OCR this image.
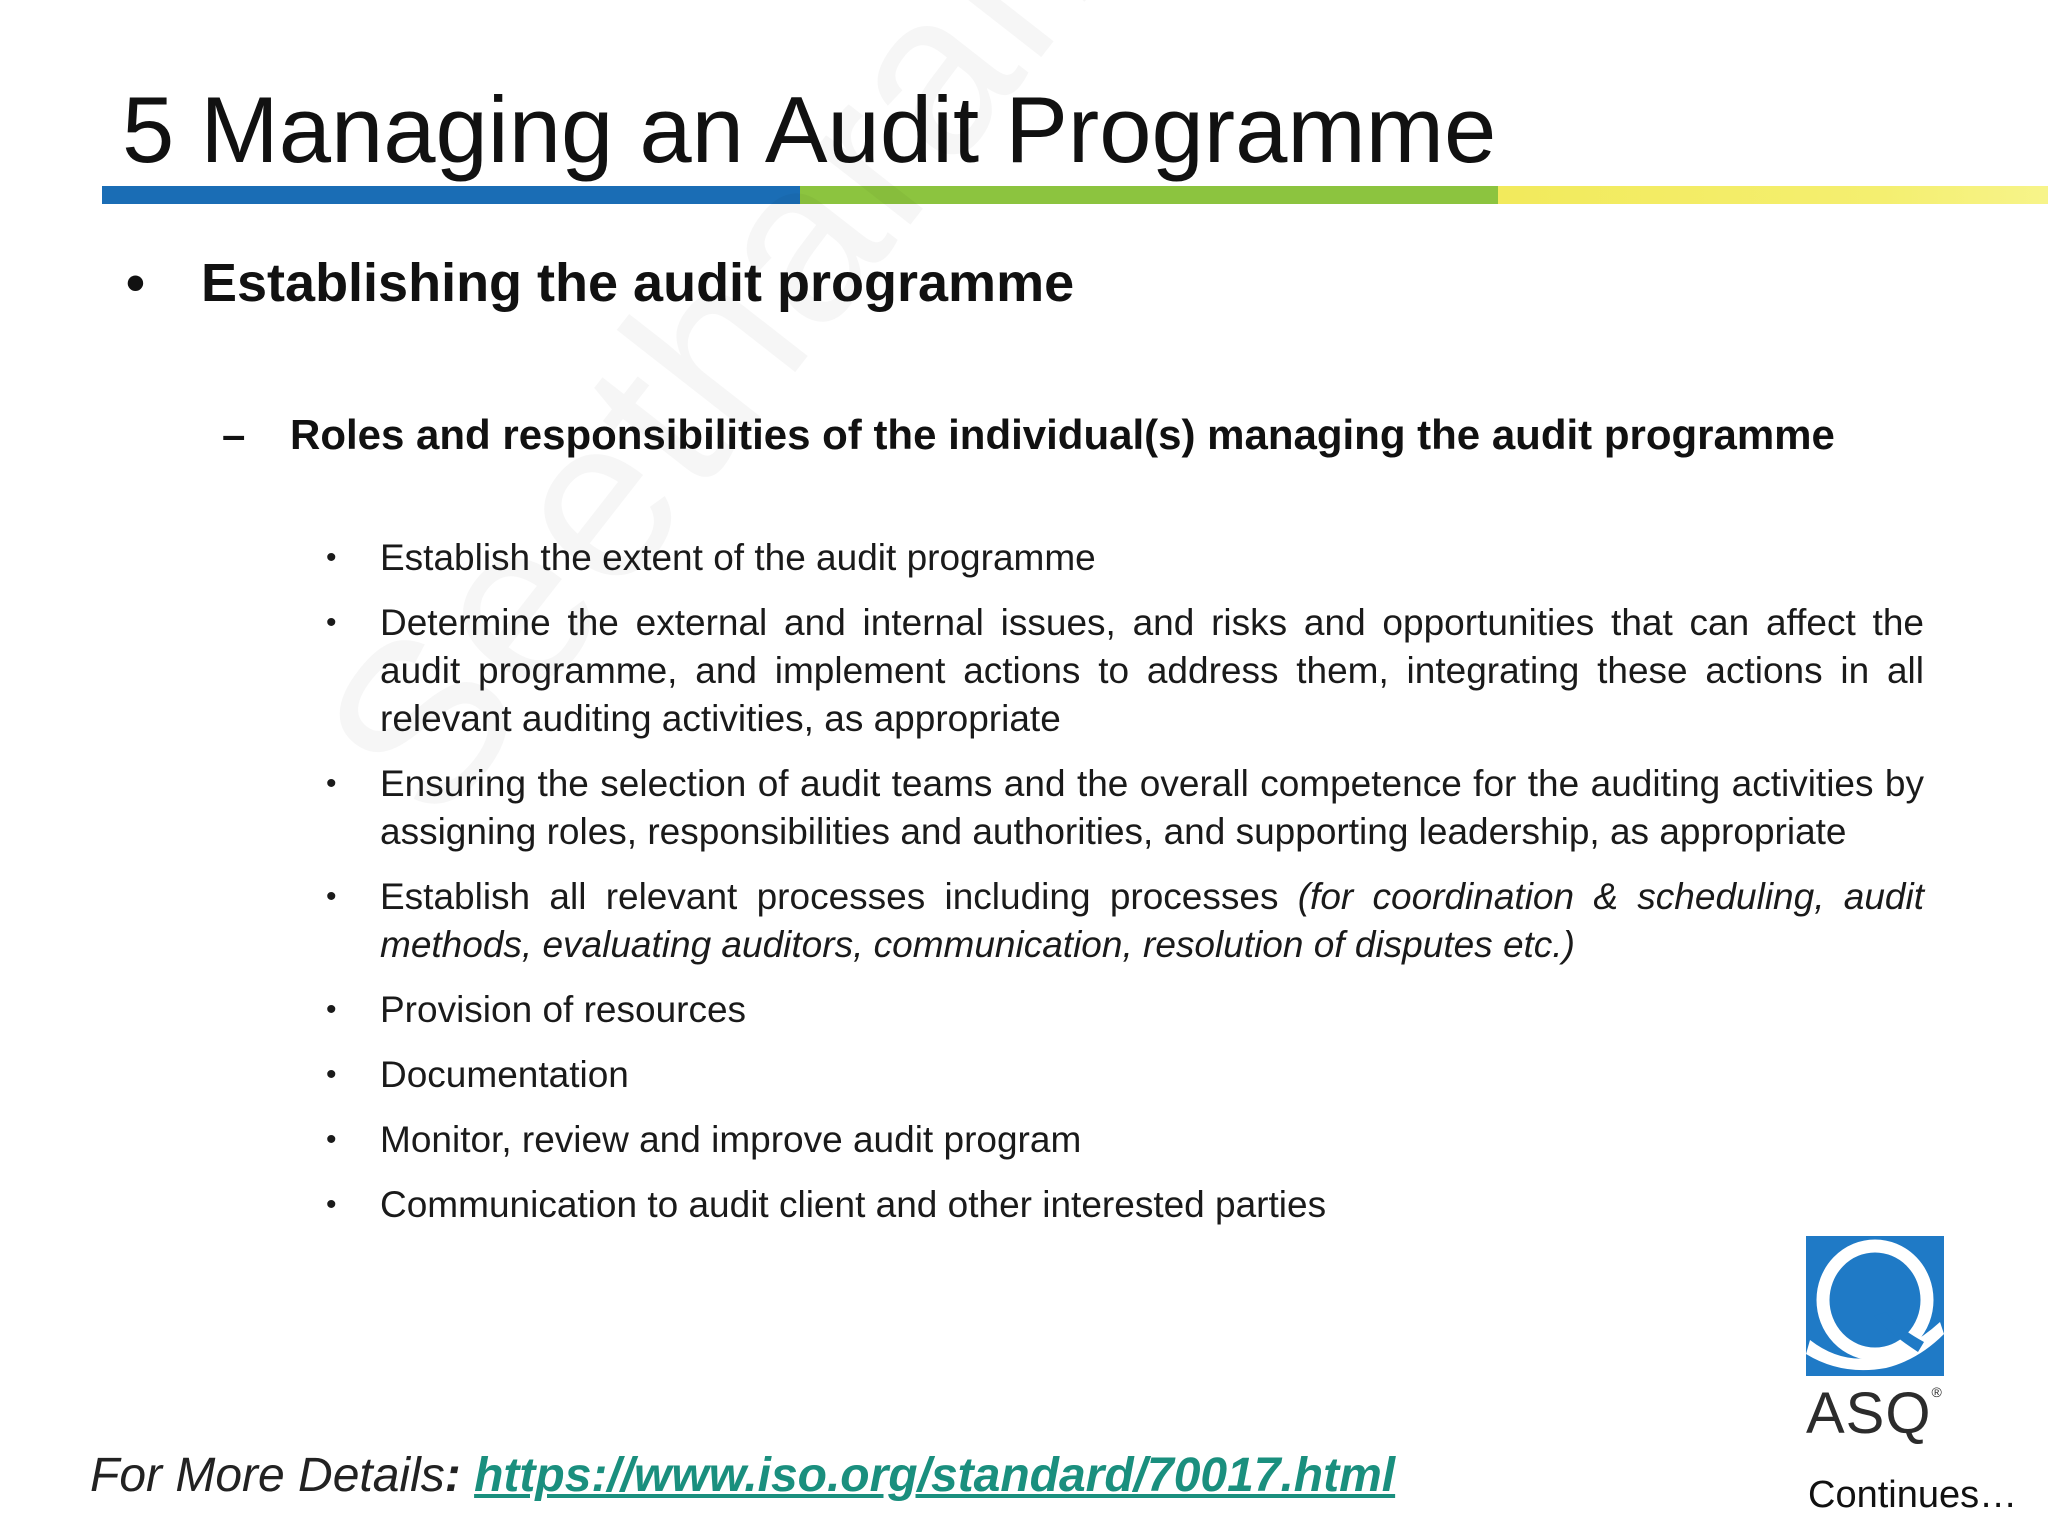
5 Managing an Audit Programme
• Establishing the audit programme
– Roles and responsibilities of the individual(s) managing the audit programme
• Establish the extent of the audit programme
• Determine the external and internal issues, and risks and opportunities that can affect the audit programme, and implement actions to address them, integrating these actions in all relevant auditing activities, as appropriate
• Ensuring the selection of audit teams and the overall competence for the auditing activities by assigning roles, responsibilities and authorities, and supporting leadership, as appropriate
• Establish all relevant processes including processes (for coordination & scheduling, audit methods, evaluating auditors, communication, resolution of disputes etc.)
• Provision of resources
• Documentation
• Monitor, review and improve audit program
• Communication to audit client and other interested parties
For More Details: https://www.iso.org/standard/70017.html
ASQ ®
Continues…
